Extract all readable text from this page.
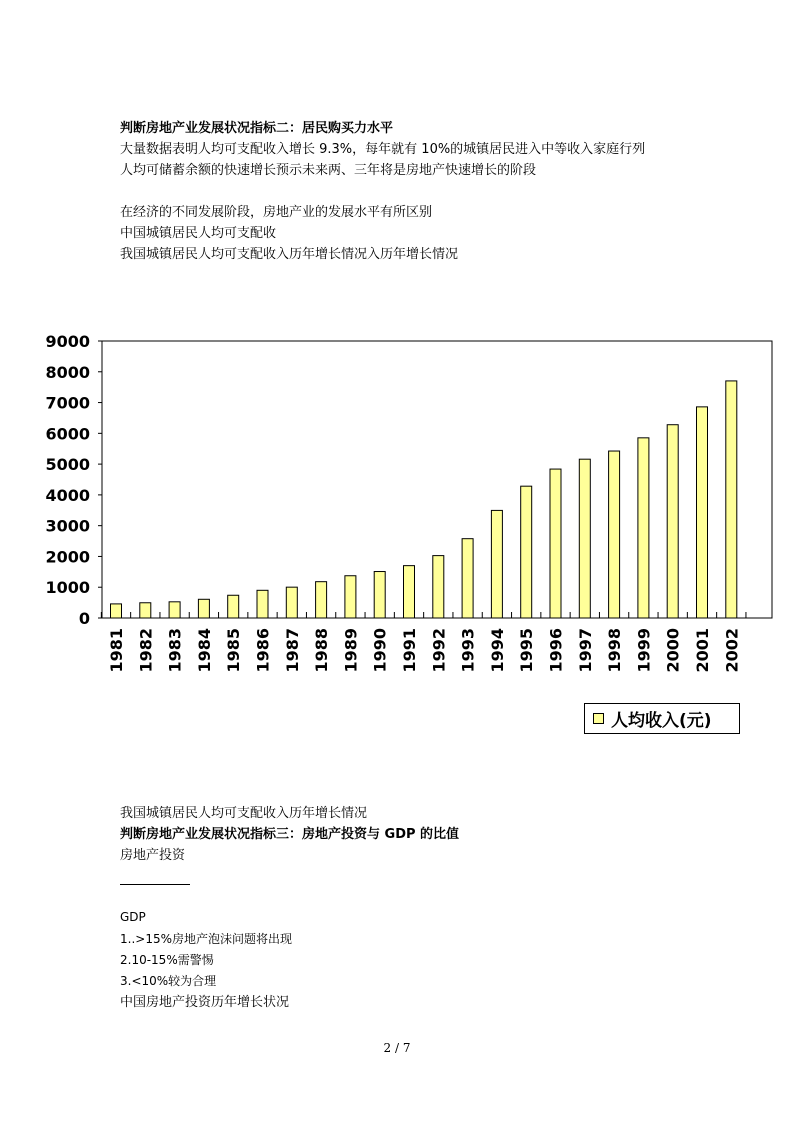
判断房地产业发展状况指标二：居民购买力水平
大量数据表明人均可支配收入增长 9.3%，每年就有 10%的城镇居民进入中等收入家庭行列
人均可储蓄余额的快速增长预示未来两、三年将是房地产快速增长的阶段
在经济的不同发展阶段，房地产业的发展水平有所区别
中国城镇居民人均可支配收
我国城镇居民人均可支配收入历年增长情况入历年增长情况
0
1000
2000
3000
4000
5000
6000
7000
8000
9000
1981 1982 1983 1984 1985 1986 1987 1988 1989 1990 1991 1992 1993 1994 1995 1996 1997 1998 1999 2000 2001 2002
人均收入(元)
我国城镇居民人均可支配收入历年增长情况
判断房地产业发展状况指标三：房地产投资与 GDP 的比值
房地产投资
GDP
1..>15%房地产泡沫问题将出现
2.10-15%需警惕
3.<10%较为合理
中国房地产投资历年增长状况
2 / 7
